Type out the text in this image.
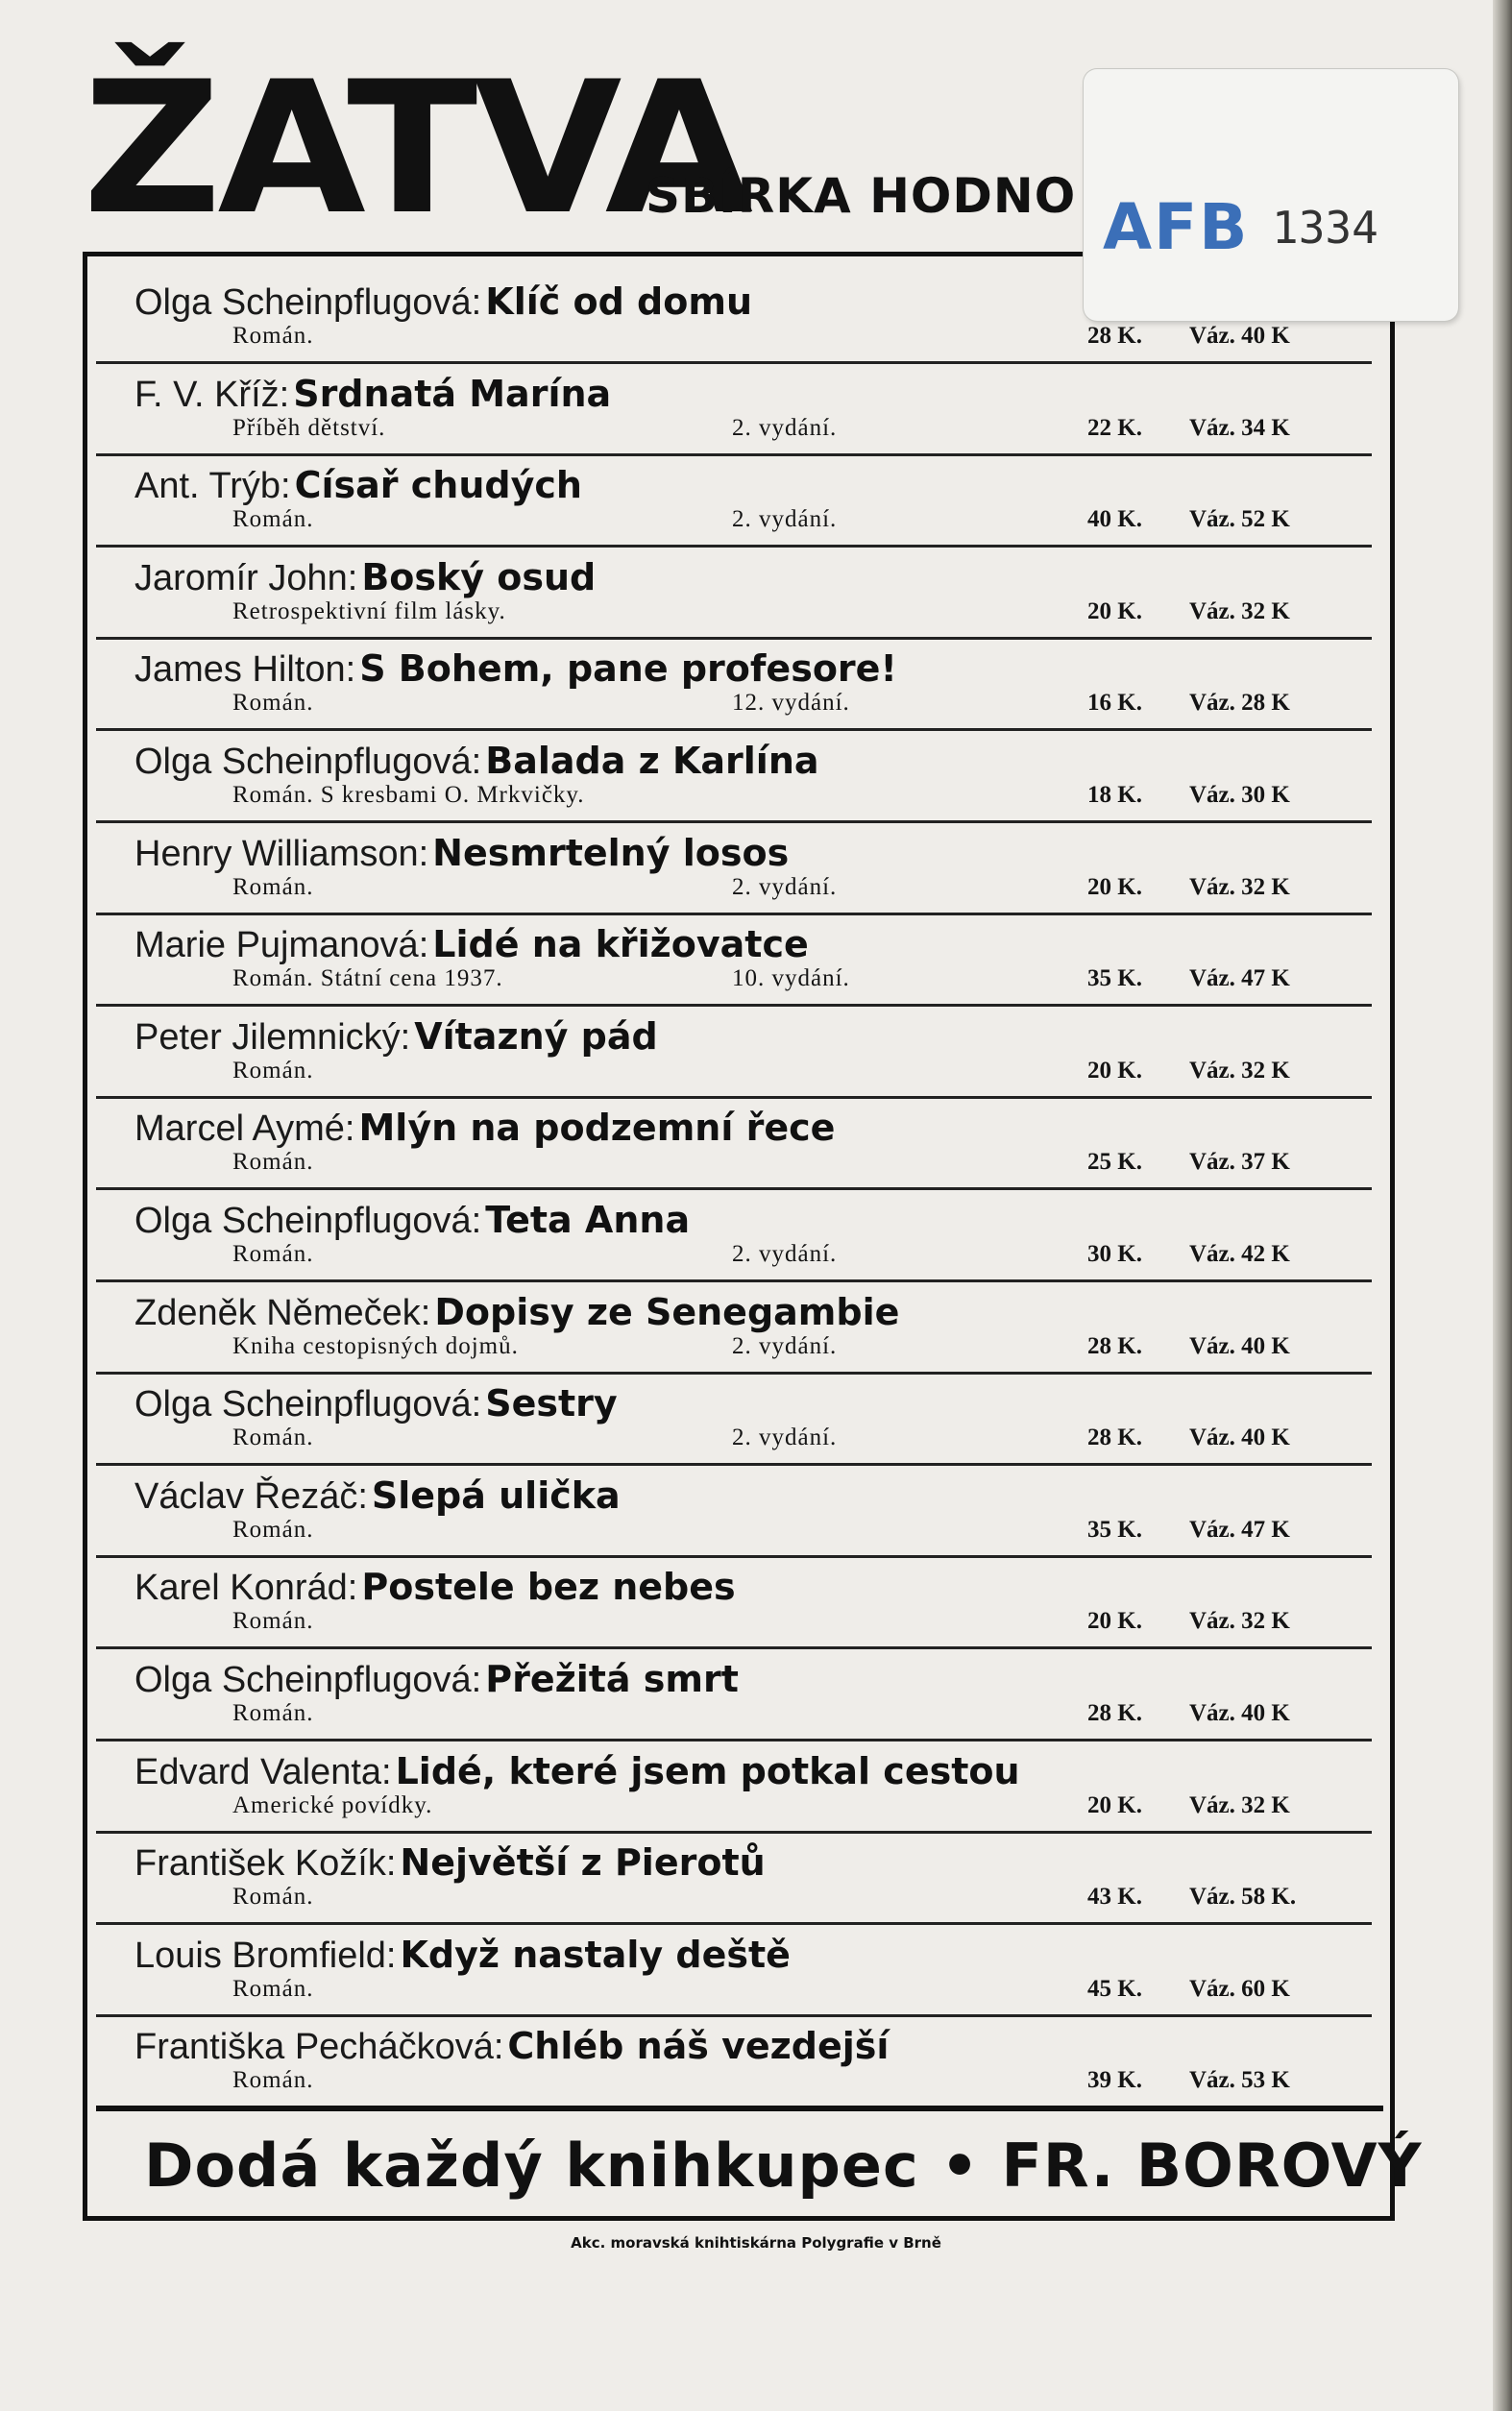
ŽATVA
SBÍRKA HODNO
Olga Scheinpflugová: Klíč od domu
Román.	28 K. Váz. 40 K
F. V. Kříž: Srdnatá Marína
Příběh dětství.	2. vydání.	22 K. Váz. 34 K
Ant. Trýb: Císař chudých
Román.	2. vydání.	40 K. Váz. 52 K
Jaromír John: Boský osud
Retrospektivní film lásky.	20 K. Váz. 32 K
James Hilton: S Bohem, pane profesore!
Román.	12. vydání.	16 K. Váz. 28 K
Olga Scheinpflugová: Balada z Karlína
Román. S kresbami O. Mrkvičky.	18 K. Váz. 30 K
Henry Williamson: Nesmrtelný losos
Román.	2. vydání.	20 K. Váz. 32 K
Marie Pujmanová: Lidé na křižovatce
Román. Státní cena 1937.	10. vydání.	35 K. Váz. 47 K
Peter Jilemnický: Vítazný pád
Román.	20 K. Váz. 32 K
Marcel Aymé: Mlýn na podzemní řece
Román.	25 K. Váz. 37 K
Olga Scheinpflugová: Teta Anna
Román.	2. vydání.	30 K. Váz. 42 K
Zdeněk Němeček: Dopisy ze Senegambie
Kniha cestopisných dojmů.	2. vydání.	28 K. Váz. 40 K
Olga Scheinpflugová: Sestry
Román.	2. vydání.	28 K. Váz. 40 K
Václav Řezáč: Slepá ulička
Román.	35 K. Váz. 47 K
Karel Konrád: Postele bez nebes
Román.	20 K. Váz. 32 K
Olga Scheinpflugová: Přežitá smrt
Román.	28 K. Váz. 40 K
Edvard Valenta: Lidé, které jsem potkal cestou
Americké povídky.	20 K. Váz. 32 K
František Kožík: Největší z Pierotů
Román.	43 K. Váz. 58 K.
Louis Bromfield: Když nastaly deště
Román.	45 K. Váz. 60 K
Františka Pecháčková: Chléb náš vezdejší
Román.	39 K. Váz. 53 K
AFB 1334
Dodá každý knihkupec • FR. BOROVÝ
Akc. moravská knihtiskárna Polygrafie v Brně
